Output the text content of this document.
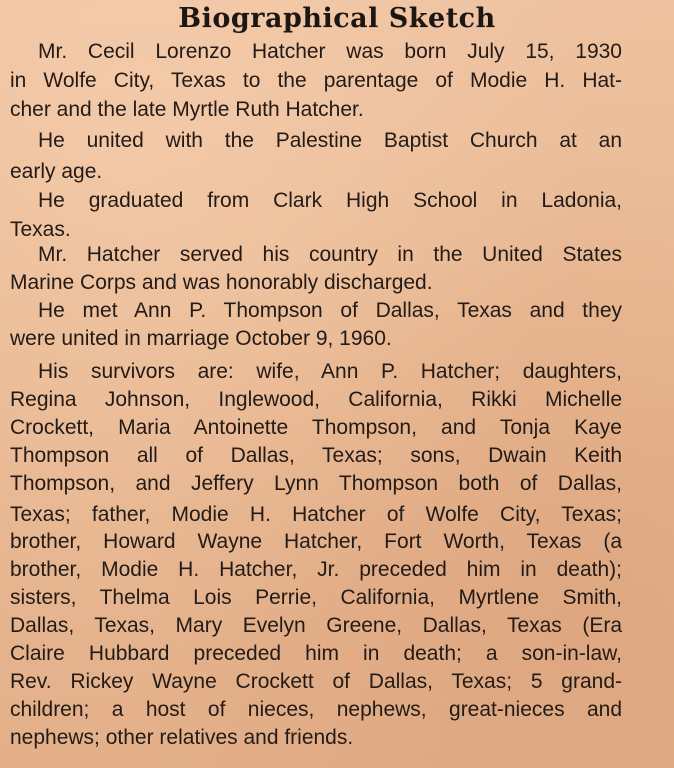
Biographical Sketch
Mr. Cecil Lorenzo Hatcher was born July 15, 1930
in Wolfe City, Texas to the parentage of Modie H. Hat-
cher and the late Myrtle Ruth Hatcher.
He united with the Palestine Baptist Church at an
early age.
He graduated from Clark High School in Ladonia,
Texas.
Mr. Hatcher served his country in the United States
Marine Corps and was honorably discharged.
He met Ann P. Thompson of Dallas, Texas and they
were united in marriage October 9, 1960.
His survivors are: wife, Ann P. Hatcher; daughters,
Regina Johnson, Inglewood, California, Rikki Michelle
Crockett, Maria Antoinette Thompson, and Tonja Kaye
Thompson all of Dallas, Texas; sons, Dwain Keith
Thompson, and Jeffery Lynn Thompson both of Dallas,
Texas; father, Modie H. Hatcher of Wolfe City, Texas;
brother, Howard Wayne Hatcher, Fort Worth, Texas (a
brother, Modie H. Hatcher, Jr. preceded him in death);
sisters, Thelma Lois Perrie, California, Myrtlene Smith,
Dallas, Texas, Mary Evelyn Greene, Dallas, Texas (Era
Claire Hubbard preceded him in death; a son-in-law,
Rev. Rickey Wayne Crockett of Dallas, Texas; 5 grand-
children; a host of nieces, nephews, great-nieces and
nephews; other relatives and friends.
